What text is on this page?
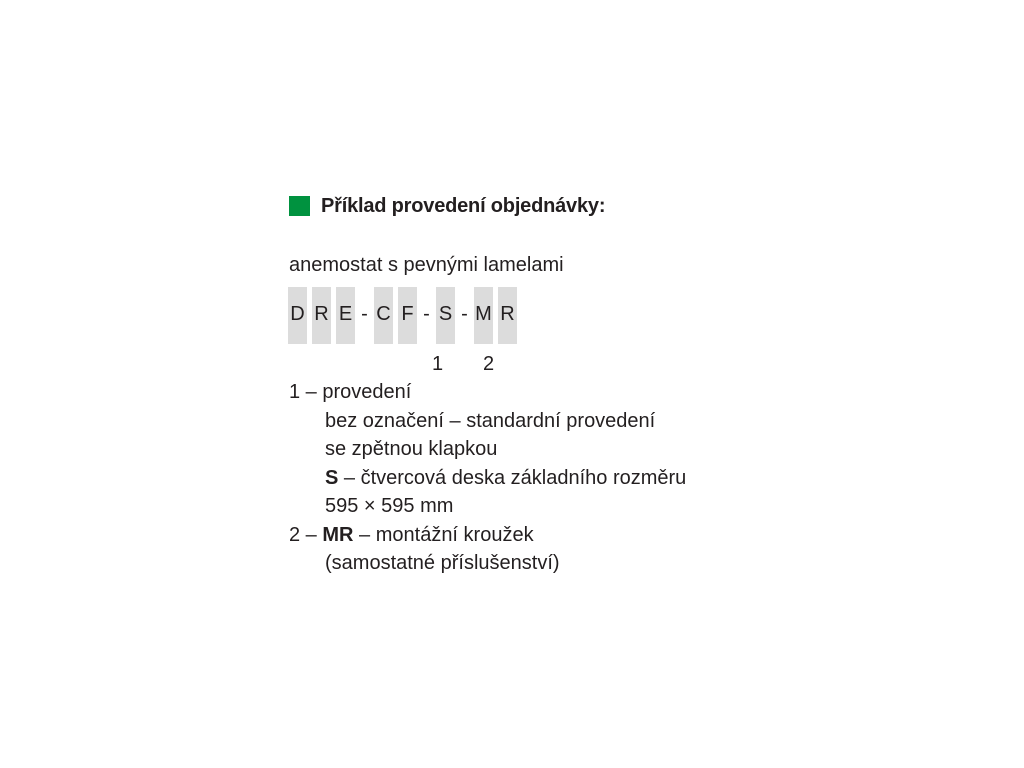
Příklad provedení objednávky:
anemostat s pevnými lamelami
D R E - C F - S - M R
1 2
1 – provedení
bez označení – standardní provedení
se zpětnou klapkou
S – čtvercová deska základního rozměru
595 × 595 mm
2 – MR – montážní kroužek
(samostatné příslušenství)
